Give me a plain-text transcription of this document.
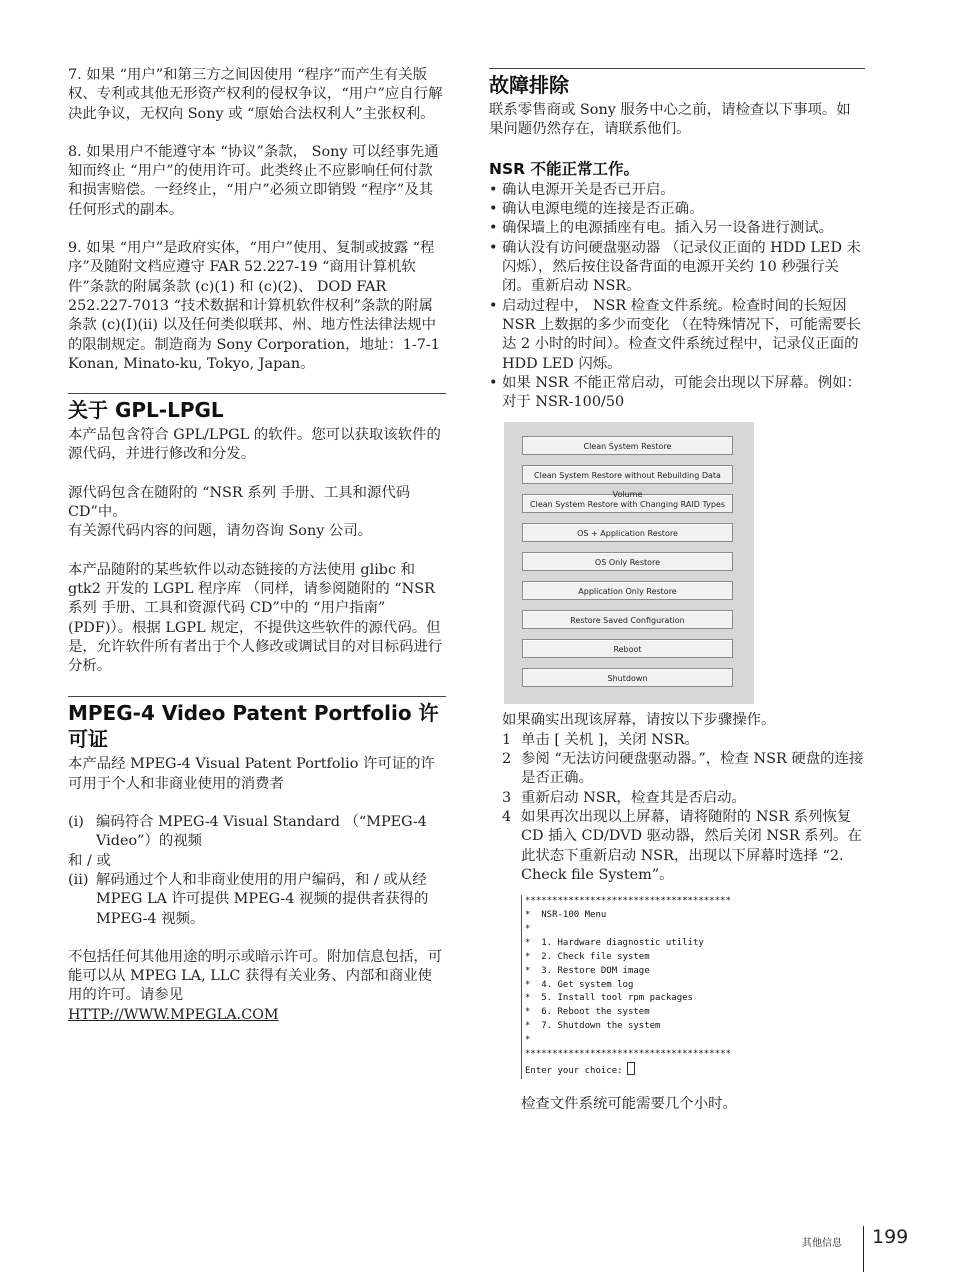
7. 如果 “用户”和第三方之间因使用 “程序”而产生有关版权、专利或其他无形资产权利的侵权争议，“用户”应自行解决此争议，无权向 Sony 或 “原始合法权利人”主张权利。

8. 如果用户不能遵守本 “协议”条款， Sony 可以经事先通知而终止 “用户”的使用许可。此类终止不应影响任何付款和损害赔偿。一经终止，“用户”必须立即销毁 “程序”及其任何形式的副本。

9. 如果 “用户”是政府实体，“用户”使用、复制或披露 “程序”及随附文档应遵守 FAR 52.227-19 “商用计算机软件”条款的附属条款 (c)(1) 和 (c)(2)、 DOD FAR 252.227-7013 “技术数据和计算机软件权利”条款的附属条款 (c)(I)(ii) 以及任何类似联邦、州、地方性法律法规中的限制规定。制造商为 Sony Corporation，地址：1-7-1 Konan, Minato-ku, Tokyo, Japan。

关于 GPL-LPGL

本产品包含符合 GPL/LPGL 的软件。您可以获取该软件的源代码，并进行修改和分发。

源代码包含在随附的 “NSR 系列 手册、工具和源代码 CD”中。

有关源代码内容的问题，请勿咨询 Sony 公司。

本产品随附的某些软件以动态链接的方法使用 glibc 和 gtk2 开发的 LGPL 程序库 （同样，请参阅随附的 “NSR 系列 手册、工具和资源代码 CD”中的 “用户指南” (PDF)）。根据 LGPL 规定，不提供这些软件的源代码。但是，允许软件所有者出于个人修改或调试目的对目标码进行分析。

MPEG-4 Video Patent Portfolio 许可证

本产品经 MPEG-4 Visual Patent Portfolio 许可证的许可用于个人和非商业使用的消费者

(i) 编码符合 MPEG-4 Visual Standard （“MPEG-4 Video”）的视频

和 / 或

(ii) 解码通过个人和非商业使用的用户编码，和 / 或从经 MPEG LA 许可提供 MPEG-4 视频的提供者获得的 MPEG-4 视频。

不包括任何其他用途的明示或暗示许可。附加信息包括，可能可以从 MPEG LA, LLC 获得有关业务、内部和商业使用的许可。请参见

HTTP://WWW.MPEGLA.COM

故障排除

联系零售商或 Sony 服务中心之前，请检查以下事项。如果问题仍然存在，请联系他们。

NSR 不能正常工作。
• 确认电源开关是否已开启。
• 确认电源电缆的连接是否正确。
• 确保墙上的电源插座有电。插入另一设备进行测试。
• 确认没有访问硬盘驱动器 （记录仪正面的 HDD LED 未闪烁），然后按住设备背面的电源开关约 10 秒强行关闭。重新启动 NSR。
• 启动过程中， NSR 检查文件系统。检查时间的长短因 NSR 上数据的多少而变化 （在特殊情况下，可能需要长达 2 小时的时间）。检查文件系统过程中，记录仪正面的 HDD LED 闪烁。
• 如果 NSR 不能正常启动，可能会出现以下屏幕。例如：对于 NSR-100/50
Clean System Restore
Clean System Restore without Rebuilding Data
Clean System Restore with Changing RAID Types
OS + Application Restore
OS Only Restore
Application Only Restore
Restore Saved Configuration
Reboot
Shutdown

如果确实出现该屏幕，请按以下步骤操作。

1 单击 [ 关机 ]，关闭 NSR。
2 参阅 “无法访问硬盘驱动器。”，检查 NSR 硬盘的连接是否正确。
3 重新启动 NSR，检查其是否启动。
4 如果再次出现以上屏幕，请将随附的 NSR 系列恢复 CD 插入 CD/DVD 驱动器，然后关闭 NSR 系列。在此状态下重新启动 NSR，出现以下屏幕时选择 “2. Check file System”。
**************************************
*  NSR-100 Menu
*
*  1. Hardware diagnostic utility
*  2. Check file system
*  3. Restore DOM image
*  4. Get system log
*  5. Install tool rpm packages
*  6. Reboot the system
*  7. Shutdown the system
*
**************************************
Enter your choice:

检查文件系统可能需要几个小时。

其他信息 199
